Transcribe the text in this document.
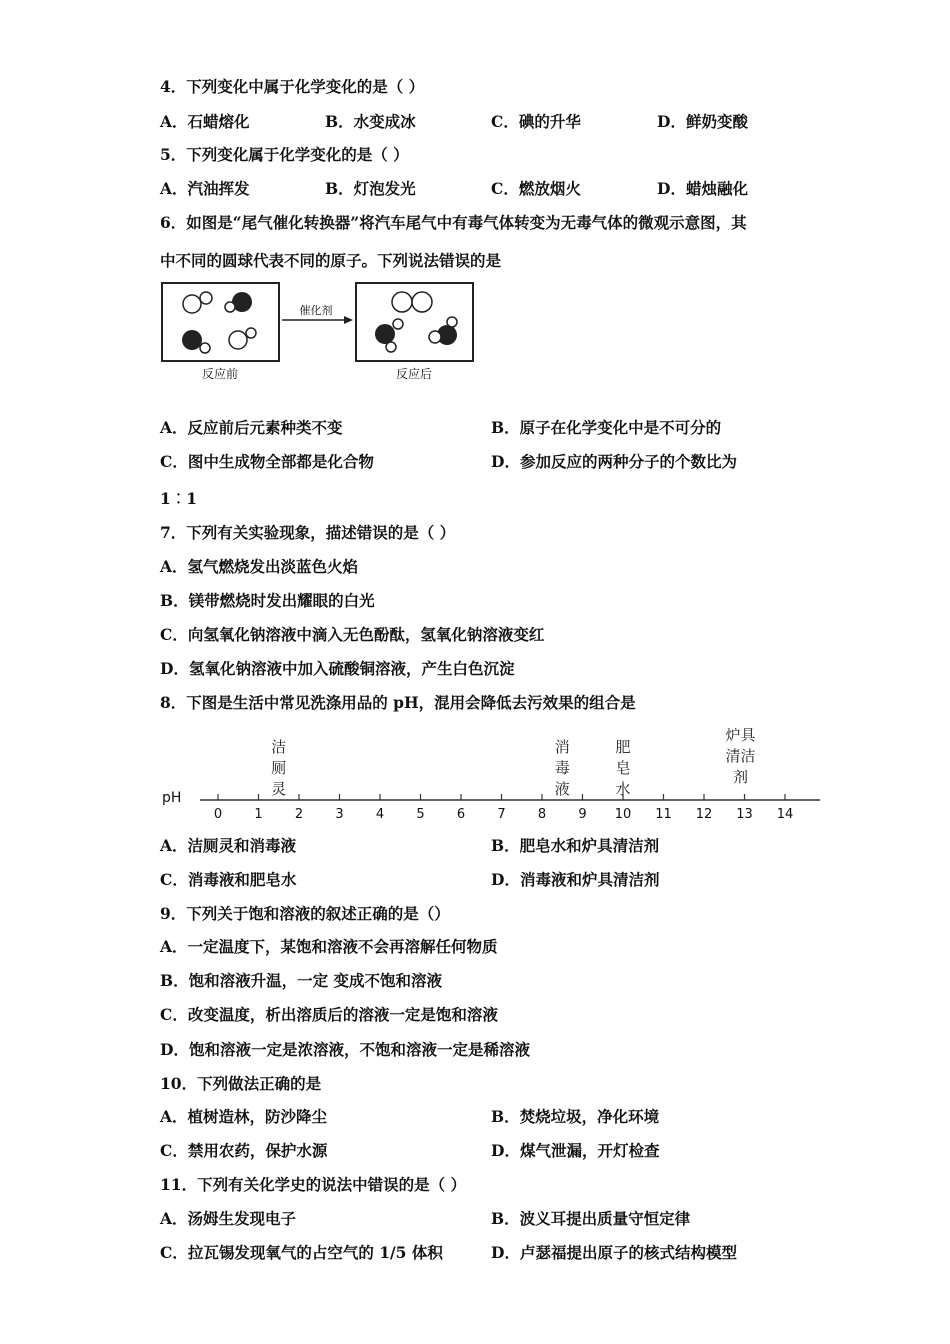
4．下列变化中属于化学变化的是（ ）
A．石蜡熔化	B．水变成冰	C．碘的升华	D．鲜奶变酸
5．下列变化属于化学变化的是（ ）
A．汽油挥发	B．灯泡发光	C．燃放烟火	D．蜡烛融化
6．如图是“尾气催化转换器”将汽车尾气中有毒气体转变为无毒气体的微观示意图，其
中不同的圆球代表不同的原子。下列说法错误的是
催化剂
反应前	反应后
A．反应前后元素种类不变	B．原子在化学变化中是不可分的
C．图中生成物全部都是化合物	D．参加反应的两种分子的个数比为
1︰1
7．下列有关实验现象，描述错误的是（ ）
A．氢气燃烧发出淡蓝色火焰
B．镁带燃烧时发出耀眼的白光
C．向氢氧化钠溶液中滴入无色酚酞，氢氧化钠溶液变红
D．氢氧化钠溶液中加入硫酸铜溶液，产生白色沉淀
8．下图是生活中常见洗涤用品的 pH，混用会降低去污效果的组合是
pH
0 1 2 3 4 5 6 7 8 9 10 11 12 13 14
洁
厕
灵
消
毒
液
肥
皂
水
炉具
清洁
剂
A．洁厕灵和消毒液	B．肥皂水和炉具清洁剂
C．消毒液和肥皂水	D．消毒液和炉具清洁剂
9．下列关于饱和溶液的叙述正确的是（）
A．一定温度下，某饱和溶液不会再溶解任何物质
B．饱和溶液升温，一定 变成不饱和溶液
C．改变温度，析出溶质后的溶液一定是饱和溶液
D．饱和溶液一定是浓溶液，不饱和溶液一定是稀溶液
10．下列做法正确的是
A．植树造林，防沙降尘	B．焚烧垃圾，净化环境
C．禁用农药，保护水源	D．煤气泄漏，开灯检查
11．下列有关化学史的说法中错误的是（ ）
A．汤姆生发现电子	B．波义耳提出质量守恒定律
C．拉瓦锡发现氧气的占空气的 1/5 体积	D．卢瑟福提出原子的核式结构模型
